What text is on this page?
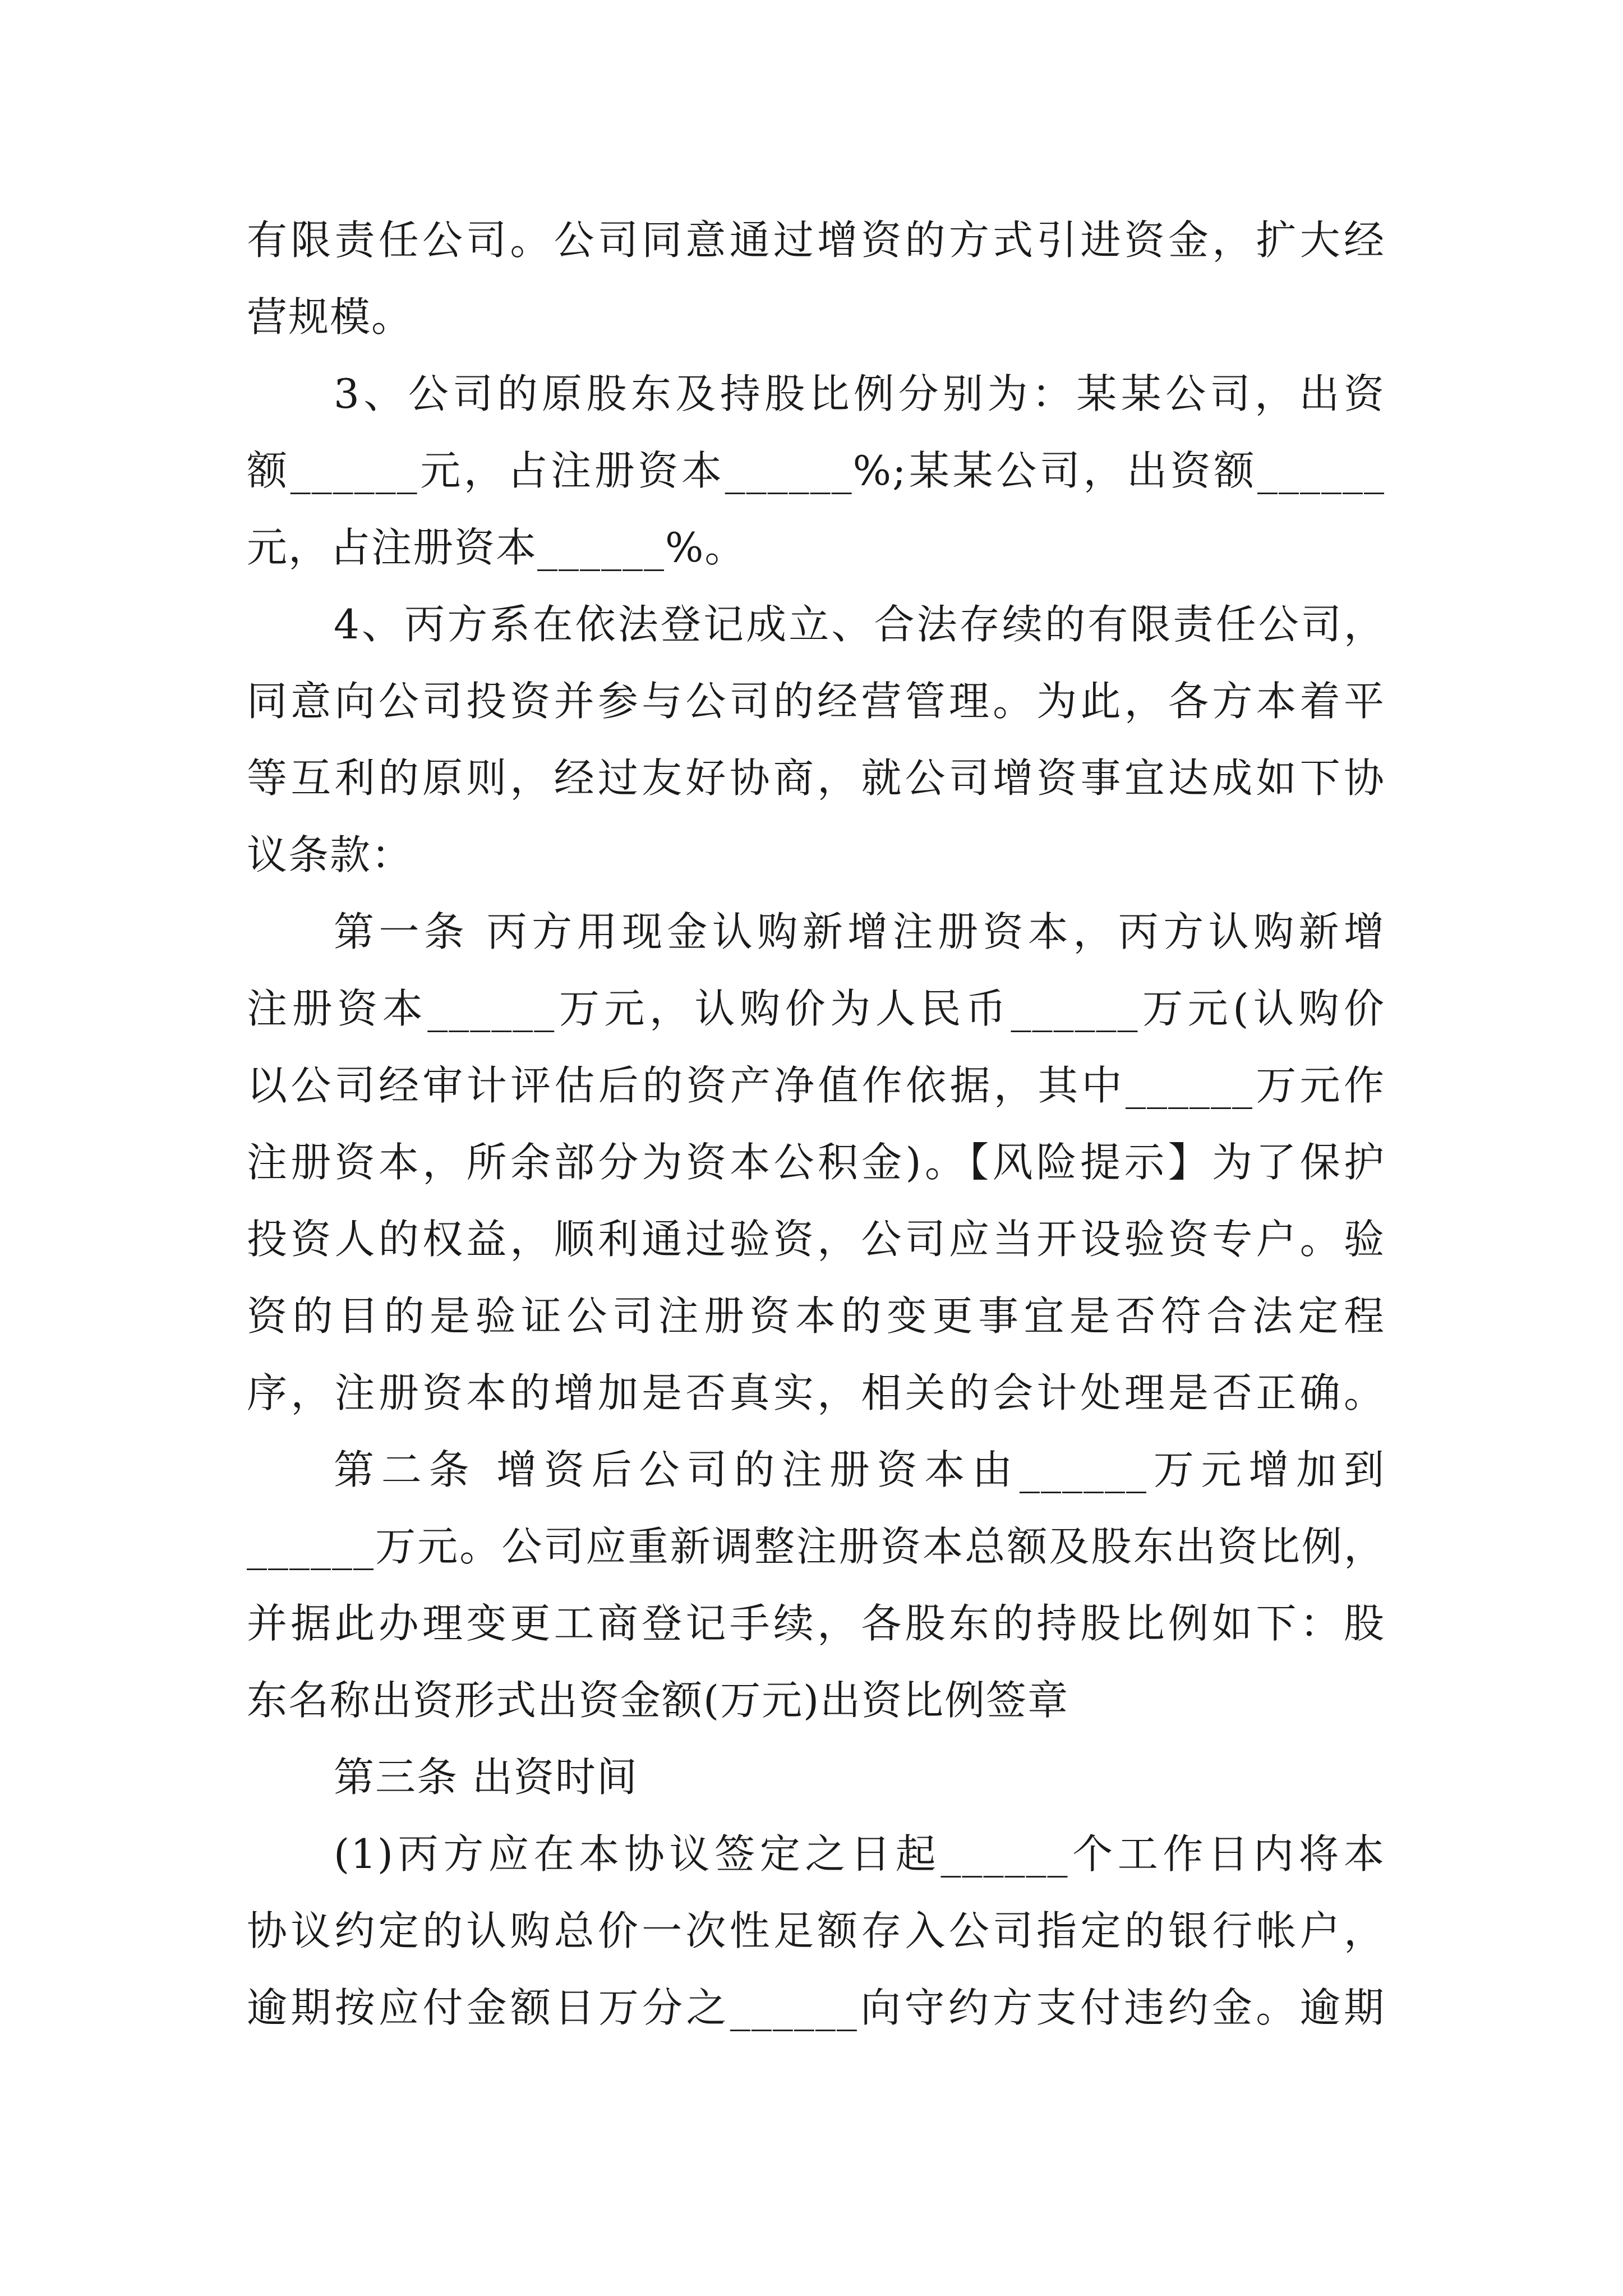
有限责任公司。公司同意通过增资的方式引进资金，扩大经
营规模。
3、公司的原股东及持股比例分别为：某某公司，出资
额______元，占注册资本______%;某某公司，出资额______
元，占注册资本______%。
4、丙方系在依法登记成立、合法存续的有限责任公司，
同意向公司投资并参与公司的经营管理。为此，各方本着平
等互利的原则，经过友好协商，就公司增资事宜达成如下协
议条款：
第一条 丙方用现金认购新增注册资本，丙方认购新增
注册资本______万元，认购价为人民币______万元(认购价
以公司经审计评估后的资产净值作依据，其中______万元作
注册资本，所余部分为资本公积金)。【风险提示】为了保护
投资人的权益，顺利通过验资，公司应当开设验资专户。验
资的目的是验证公司注册资本的变更事宜是否符合法定程
序，注册资本的增加是否真实，相关的会计处理是否正确。
第二条 增资后公司的注册资本由______万元增加到
______万元。公司应重新调整注册资本总额及股东出资比例，
并据此办理变更工商登记手续，各股东的持股比例如下：股
东名称出资形式出资金额(万元)出资比例签章
第三条 出资时间
(1)丙方应在本协议签定之日起______个工作日内将本
协议约定的认购总价一次性足额存入公司指定的银行帐户，
逾期按应付金额日万分之______向守约方支付违约金。逾期
